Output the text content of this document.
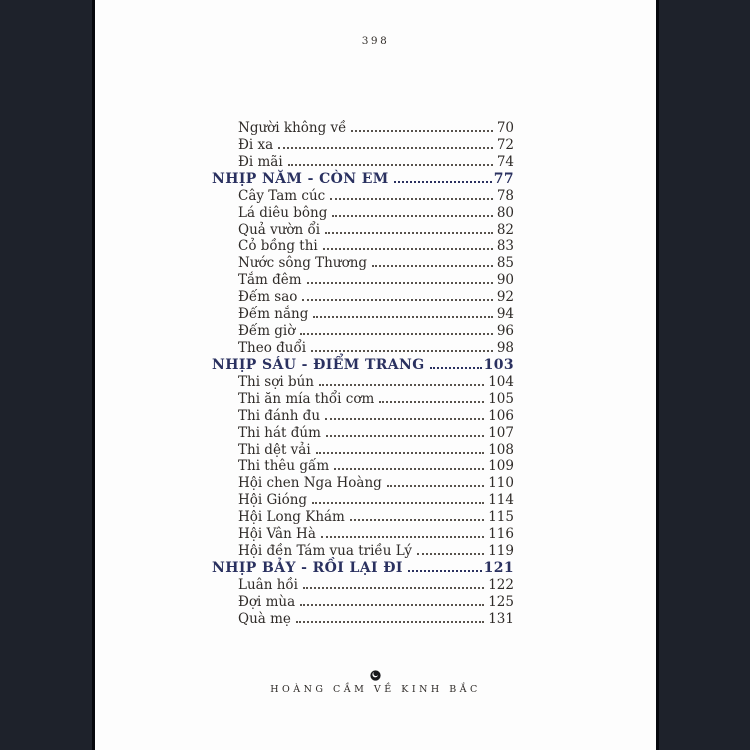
398
Người không về	70
Đi xa	72
Đi mãi	74
NHỊP NĂM - CÒN EM	77
Cây Tam cúc	78
Lá diêu bông	80
Quả vườn ổi	82
Cỏ bồng thi	83
Nước sông Thương	85
Tắm đêm	90
Đếm sao	92
Đếm nắng	94
Đếm giờ	96
Theo đuổi	98
NHỊP SÁU - ĐIỂM TRANG	103
Thi sợi bún	104
Thi ăn mía thổi cơm	105
Thi đánh đu	106
Thi hát đúm	107
Thi dệt vải	108
Thi thêu gấm	109
Hội chen Nga Hoàng	110
Hội Gióng	114
Hội Long Khám	115
Hội Vân Hà	116
Hội đền Tám vua triều Lý	119
NHỊP BẢY - RỒI LẠI ĐI	121
Luân hồi	122
Đợi mùa	125
Quà mẹ	131
HOÀNG CẦM VỀ KINH BẮC
